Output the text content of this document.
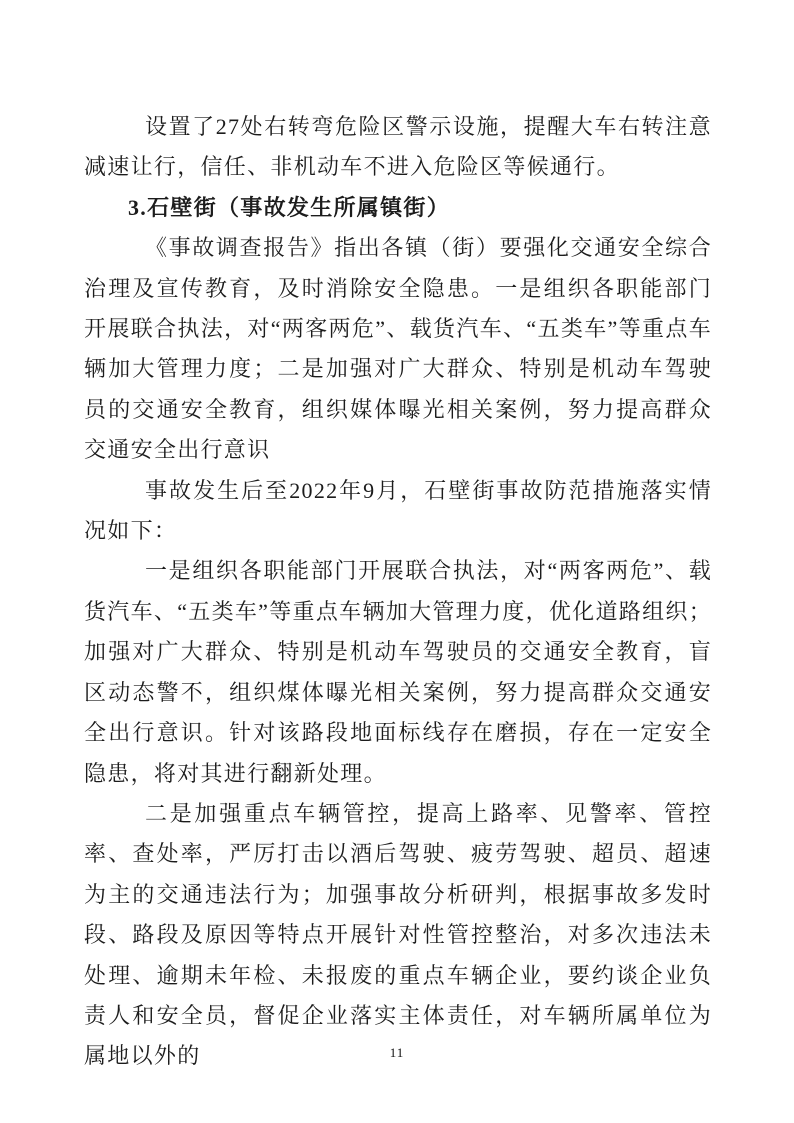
设置了27处右转弯危险区警示设施，提醒大车右转注意减速让行，信任、非机动车不进入危险区等候通行。

3.石壁街（事故发生所属镇街）

《事故调查报告》指出各镇（街）要强化交通安全综合治理及宣传教育，及时消除安全隐患。一是组织各职能部门开展联合执法，对“两客两危”、载货汽车、“五类车”等重点车辆加大管理力度；二是加强对广大群众、特别是机动车驾驶员的交通安全教育，组织媒体曝光相关案例，努力提高群众交通安全出行意识

事故发生后至2022年9月，石壁街事故防范措施落实情况如下：

一是组织各职能部门开展联合执法，对“两客两危”、载货汽车、“五类车”等重点车辆加大管理力度，优化道路组织；加强对广大群众、特别是机动车驾驶员的交通安全教育，盲区动态警不，组织煤体曝光相关案例，努力提高群众交通安全出行意识。针对该路段地面标线存在磨损，存在一定安全隐患，将对其进行翻新处理。

二是加强重点车辆管控，提高上路率、见警率、管控率、查处率，严厉打击以酒后驾驶、疲劳驾驶、超员、超速为主的交通违法行为；加强事故分析研判，根据事故多发时段、路段及原因等特点开展针对性管控整治，对多次违法未处理、逾期未年检、未报废的重点车辆企业，要约谈企业负责人和安全员，督促企业落实主体责任，对车辆所属单位为属地以外的	11
